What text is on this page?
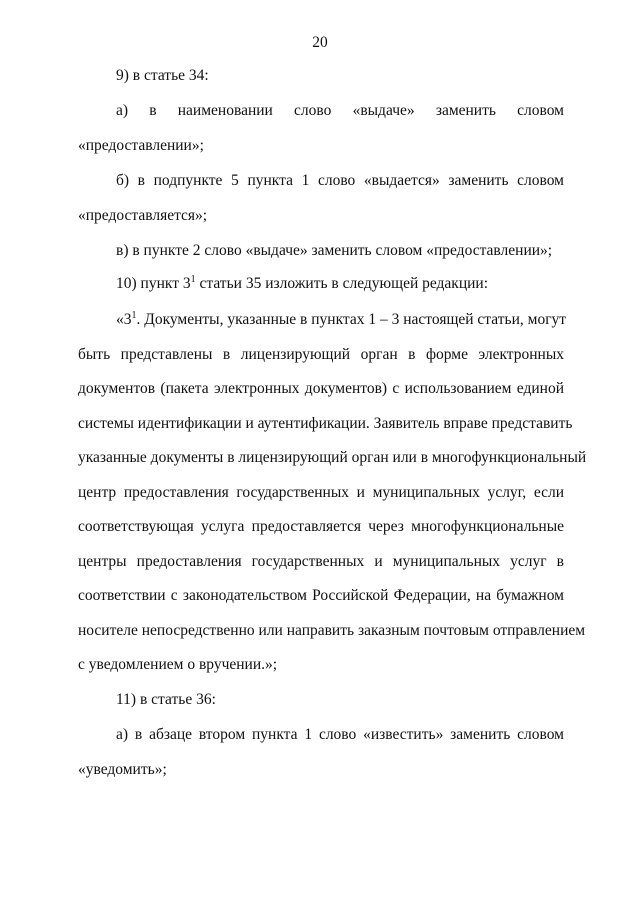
20
9) в статье 34:
а) в наименовании слово «выдаче» заменить словом
«предоставлении»;
б) в подпункте 5 пункта 1 слово «выдается» заменить словом
«предоставляется»;
в) в пункте 2 слово «выдаче» заменить словом «предоставлении»;
10) пункт $3^1$ статьи 35 изложить в следующей редакции:
«$3^1$. Документы, указанные в пунктах 1 – 3 настоящей статьи, могут
быть представлены в лицензирующий орган в форме электронных
документов (пакета электронных документов) с использованием единой
системы идентификации и аутентификации. Заявитель вправе представить
указанные документы в лицензирующий орган или в многофункциональный
центр предоставления государственных и муниципальных услуг, если
соответствующая услуга предоставляется через многофункциональные
центры предоставления государственных и муниципальных услуг в
соответствии с законодательством Российской Федерации, на бумажном
носителе непосредственно или направить заказным почтовым отправлением
с уведомлением о вручении.»;
11) в статье 36:
а) в абзаце втором пункта 1 слово «известить» заменить словом
«уведомить»;
